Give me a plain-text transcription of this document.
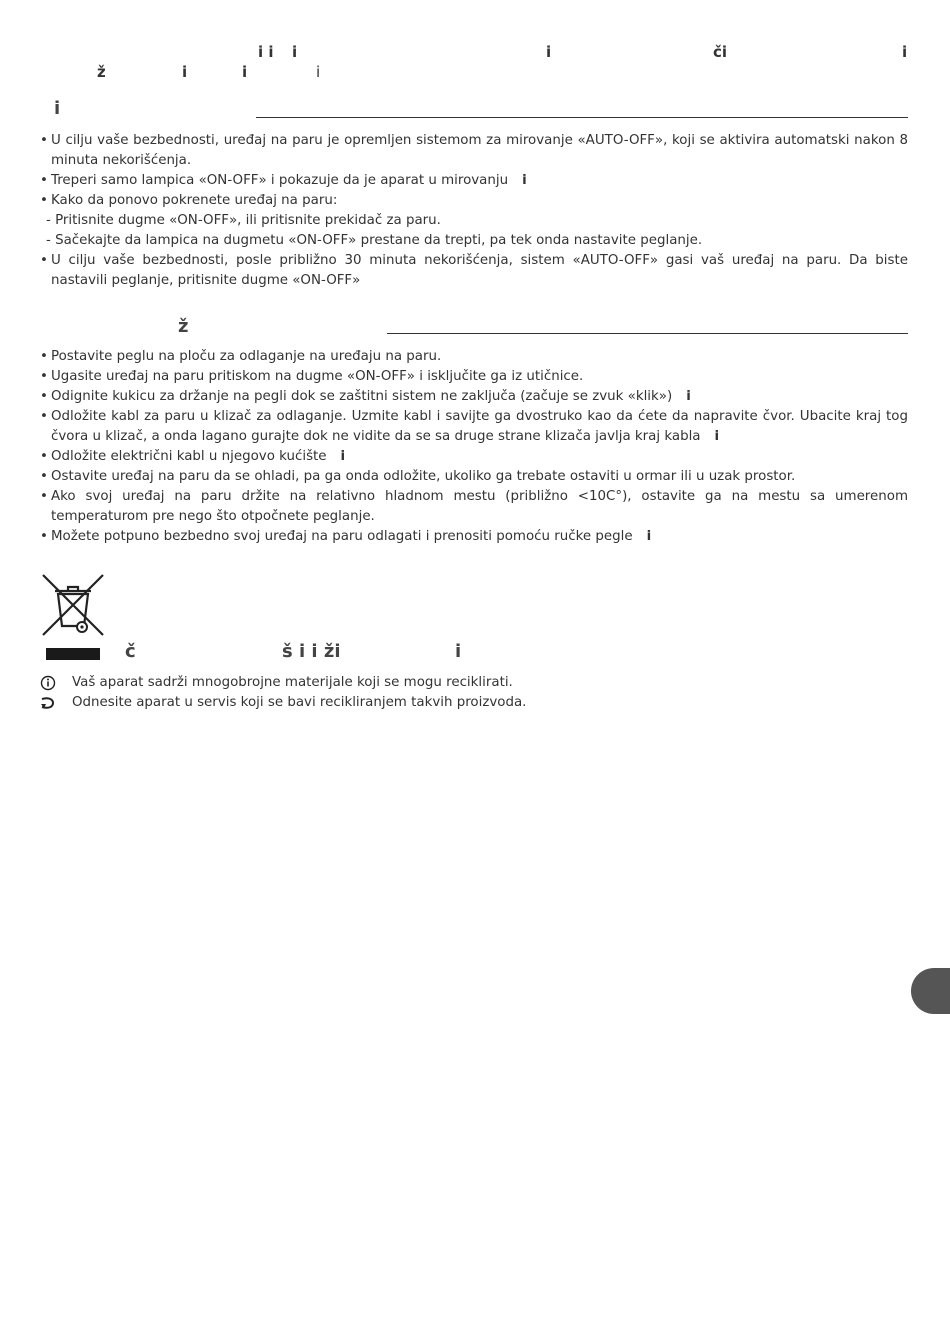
i i i	i	či	i
ž	i	i	i
i
• U cilju vaše bezbednosti, uređaj na paru je opremljen sistemom za mirovanje «AUTO-OFF», koji se aktivira automatski nakon 8 minuta nekorišćenja.
• Treperi samo lampica «ON-OFF» i pokazuje da je aparat u mirovanju i
• Kako da ponovo pokrenete uređaj na paru:
- Pritisnite dugme «ON-OFF», ili pritisnite prekidač za paru.
- Sačekajte da lampica na dugmetu «ON-OFF» prestane da trepti, pa tek onda nastavite peglanje.
• U cilju vaše bezbednosti, posle približno 30 minuta nekorišćenja, sistem «AUTO-OFF» gasi vaš uređaj na paru. Da biste nastavili peglanje, pritisnite dugme «ON-OFF»
ž
• Postavite peglu na ploču za odlaganje na uređaju na paru.
• Ugasite uređaj na paru pritiskom na dugme «ON-OFF» i isključite ga iz utičnice.
• Odignite kukicu za držanje na pegli dok se zaštitni sistem ne zaključa (začuje se zvuk «klik») i
• Odložite kabl za paru u klizač za odlaganje. Uzmite kabl i savijte ga dvostruko kao da ćete da napravite čvor. Ubacite kraj tog čvora u klizač, a onda lagano gurajte dok ne vidite da se sa druge strane klizača javlja kraj kabla i
• Odložite električni kabl u njegovo kućište i
• Ostavite uređaj na paru da se ohladi, pa ga onda odložite, ukoliko ga trebate ostaviti u ormar ili u uzak prostor.
• Ako svoj uređaj na paru držite na relativno hladnom mestu (približno <10C°), ostavite ga na mestu sa umerenom temperaturom pre nego što otpočnete peglanje.
• Možete potpuno bezbedno svoj uređaj na paru odlagati i prenositi pomoću ručke pegle i
č	š i i ži	i
Vaš aparat sadrži mnogobrojne materijale koji se mogu reciklirati.
Odnesite aparat u servis koji se bavi recikliranjem takvih proizvoda.
